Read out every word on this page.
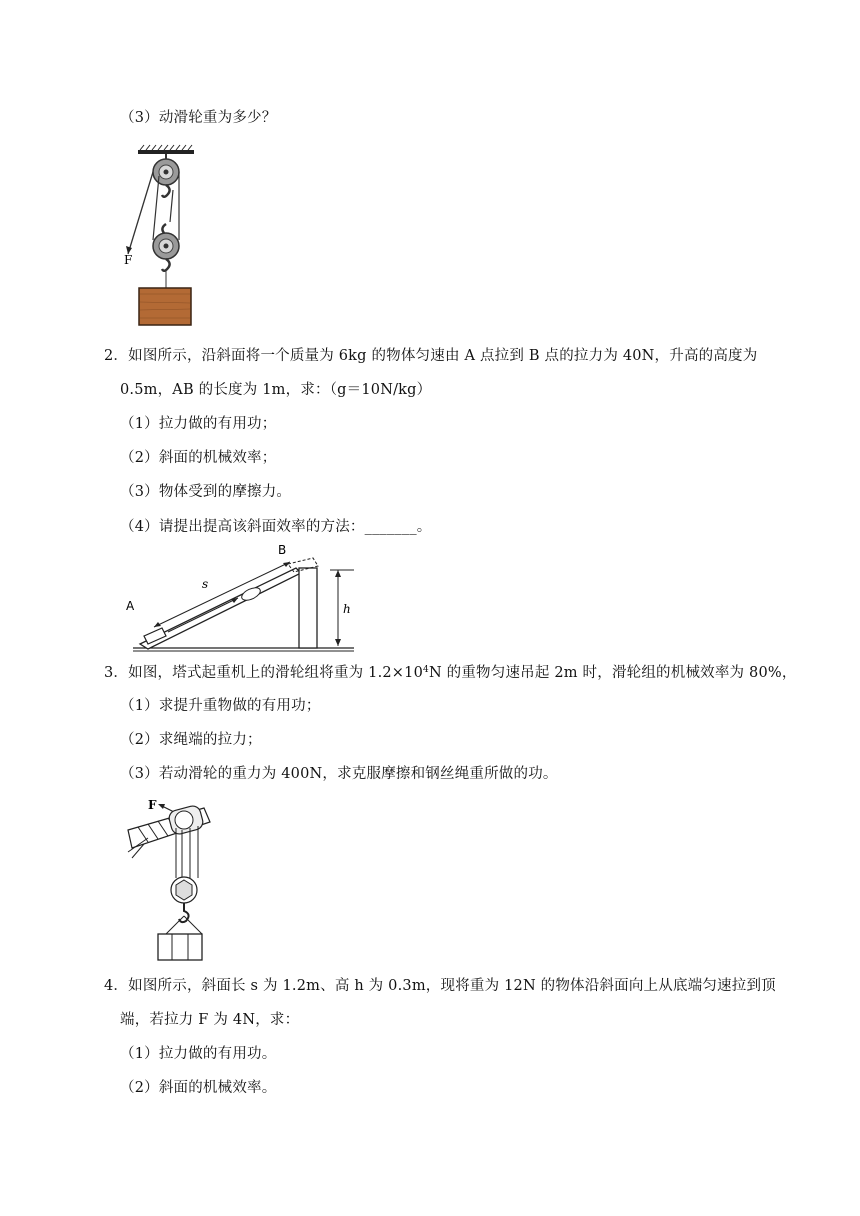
（3）动滑轮重为多少？
F
2．如图所示，沿斜面将一个质量为 6kg 的物体匀速由 A 点拉到 B 点的拉力为 40N，升高的高度为
0.5m，AB 的长度为 1m，求：（g＝10N/kg）
（1）拉力做的有用功；
（2）斜面的机械效率；
（3）物体受到的摩擦力。
（4）请提出提高该斜面效率的方法：_______。
s
h
A
B
3．如图，塔式起重机上的滑轮组将重为 $1.2\times 10^4N$ 的重物匀速吊起 2m 时，滑轮组的机械效率为 80%，
（1）求提升重物做的有用功；
（2）求绳端的拉力；
（3）若动滑轮的重力为 400N，求克服摩擦和钢丝绳重所做的功。
F
4．如图所示，斜面长 s 为 1.2m、高 h 为 0.3m，现将重为 12N 的物体沿斜面向上从底端匀速拉到顶
端，若拉力 F 为 4N，求：
（1）拉力做的有用功。
（2）斜面的机械效率。
